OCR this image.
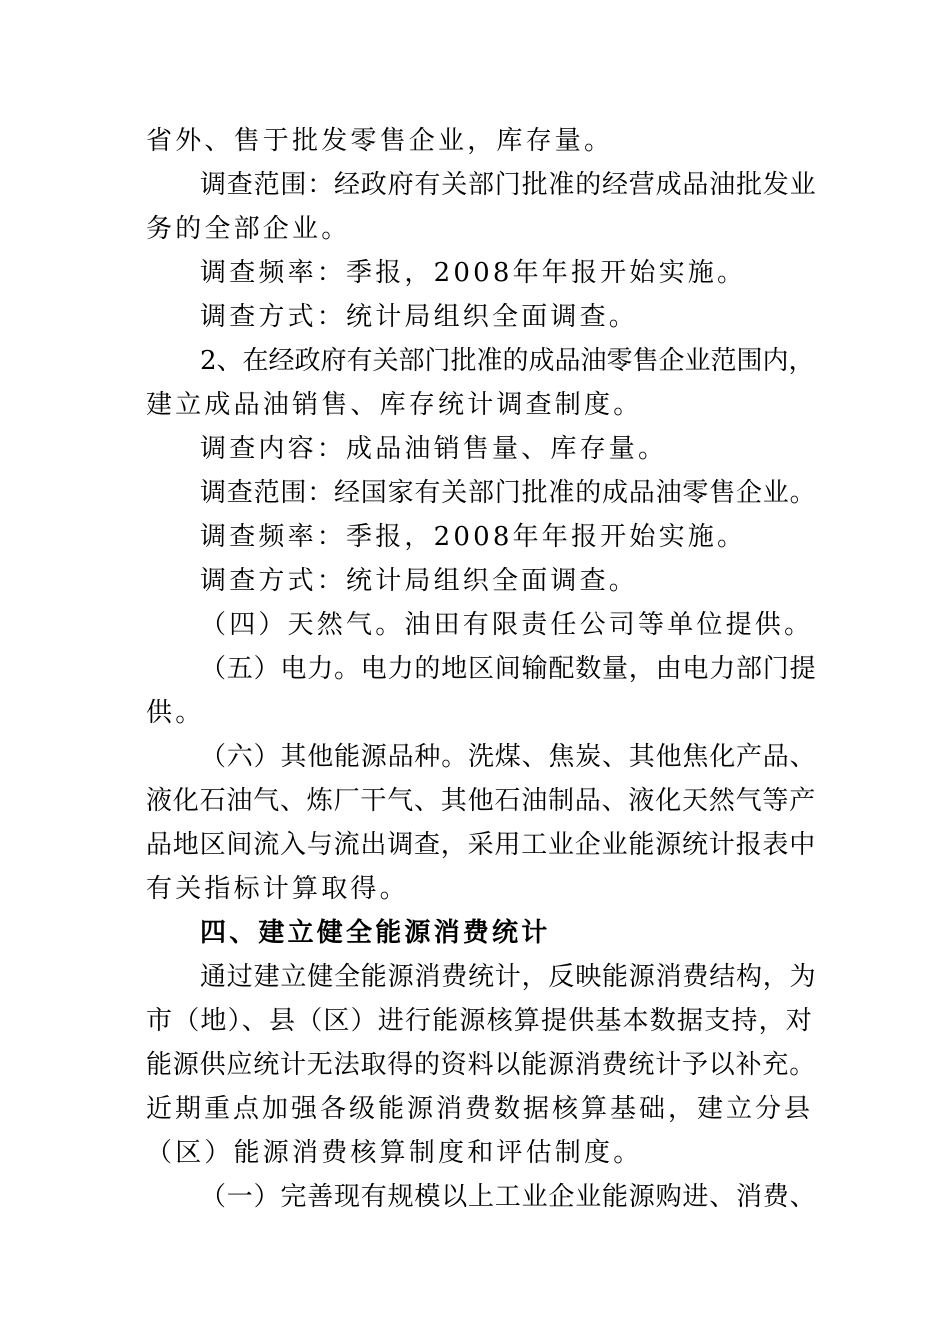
省外、售于批发零售企业，库存量。
调查范围：经政府有关部门批准的经营成品油批发业
务的全部企业。
调查频率：季报，2008年年报开始实施。
调查方式：统计局组织全面调查。
2、在经政府有关部门批准的成品油零售企业范围内，
建立成品油销售、库存统计调查制度。
调查内容：成品油销售量、库存量。
调查范围：经国家有关部门批准的成品油零售企业。
调查频率：季报，2008年年报开始实施。
调查方式：统计局组织全面调查。
（四）天然气。油田有限责任公司等单位提供。
（五）电力。电力的地区间输配数量，由电力部门提
供。
（六）其他能源品种。洗煤、焦炭、其他焦化产品、
液化石油气、炼厂干气、其他石油制品、液化天然气等产
品地区间流入与流出调查，采用工业企业能源统计报表中
有关指标计算取得。
四、建立健全能源消费统计
通过建立健全能源消费统计，反映能源消费结构，为
市（地）、县（区）进行能源核算提供基本数据支持，对
能源供应统计无法取得的资料以能源消费统计予以补充。
近期重点加强各级能源消费数据核算基础，建立分县
（区）能源消费核算制度和评估制度。
（一）完善现有规模以上工业企业能源购进、消费、
